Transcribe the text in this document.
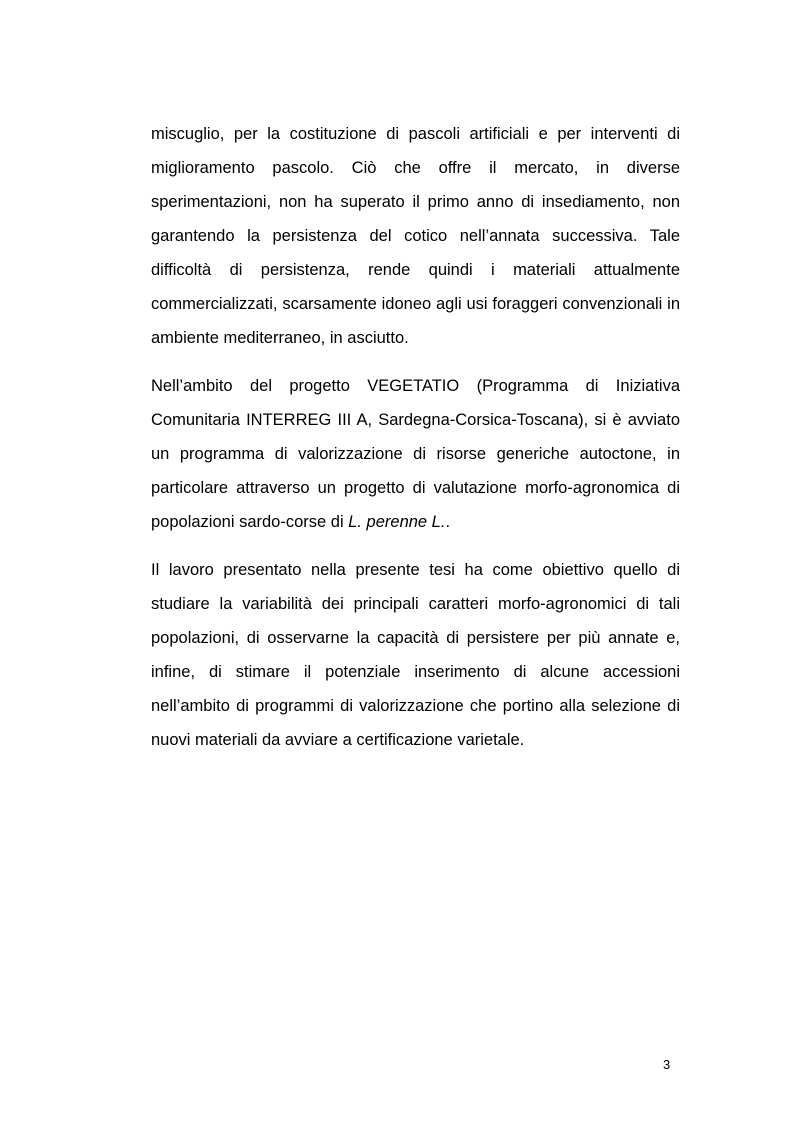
miscuglio, per la costituzione di pascoli artificiali e per interventi di miglioramento pascolo. Ciò che offre il mercato, in diverse sperimentazioni, non ha superato il primo anno di insediamento, non garantendo la persistenza del cotico nell’annata successiva. Tale difficoltà di persistenza, rende quindi i materiali attualmente commercializzati, scarsamente idoneo agli usi foraggeri convenzionali in ambiente mediterraneo, in asciutto.

Nell’ambito del progetto VEGETATIO (Programma di Iniziativa Comunitaria INTERREG III A, Sardegna-Corsica-Toscana), si è avviato un programma di valorizzazione di risorse generiche autoctone, in particolare attraverso un progetto di valutazione morfo-agronomica di popolazioni sardo-corse di L. perenne L..

Il lavoro presentato nella presente tesi ha come obiettivo quello di studiare la variabilità dei principali caratteri morfo-agronomici di tali popolazioni, di osservarne la capacità di persistere per più annate e, infine, di stimare il potenziale inserimento di alcune accessioni nell’ambito di programmi di valorizzazione che portino alla selezione di nuovi materiali da avviare a certificazione varietale.

3
